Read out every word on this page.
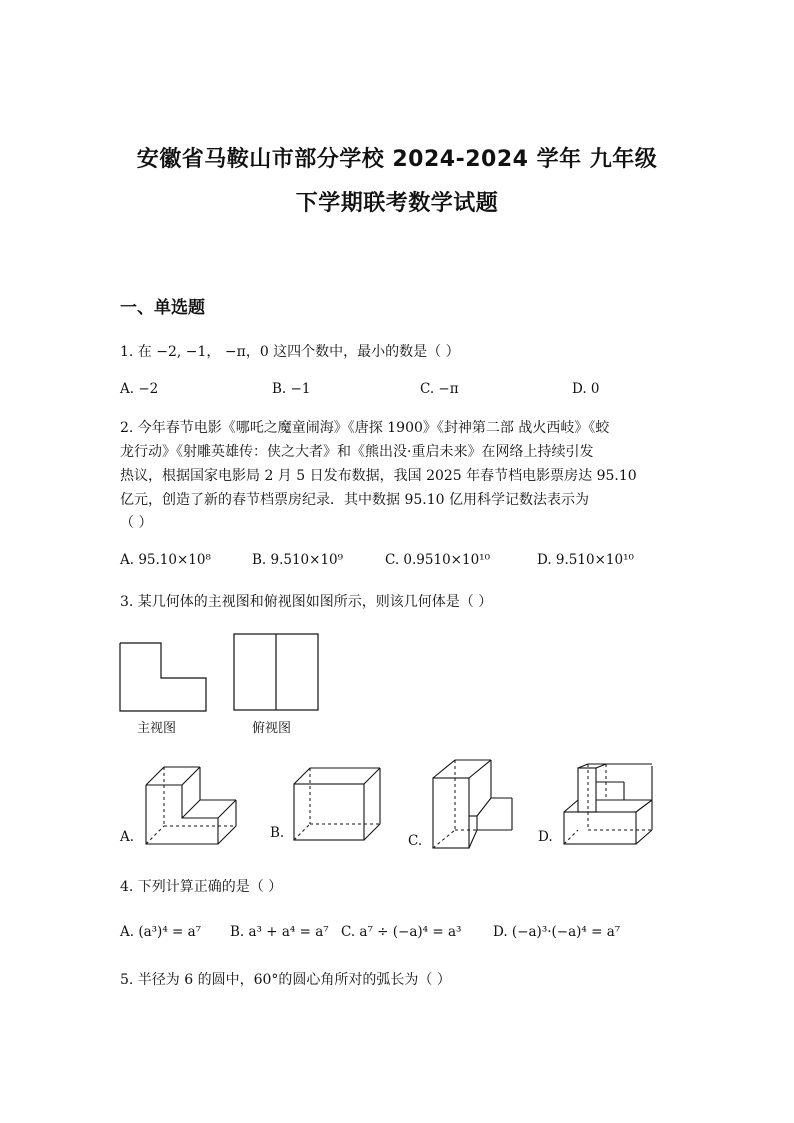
安徽省马鞍山市部分学校 2024-2024 学年 九年级
下学期联考数学试题
一、单选题
1. 在 −2, −1， −π，0 这四个数中，最小的数是（ ）
A. −2	B. −1	C. −π	D. 0
2. 今年春节电影《哪吒之魔童闹海》《唐探 1900》《封神第二部 战火西岐》《蛟
龙行动》《射雕英雄传：侠之大者》和《熊出没·重启未来》在网络上持续引发
热议，根据国家电影局 2 月 5 日发布数据，我国 2025 年春节档电影票房达 95.10
亿元，创造了新的春节档票房纪录．其中数据 95.10 亿用科学记数法表示为
（ ）
A. 95.10×10⁸	B. 9.510×10⁹	C. 0.9510×10¹⁰	D. 9.510×10¹⁰
3. 某几何体的主视图和俯视图如图所示，则该几何体是（ ）
主视图	俯视图
A.	B.	C.	D.
4. 下列计算正确的是（ ）
A. (a³)⁴ = a⁷ B. a³ + a⁴ = a⁷ C. a⁷ ÷ (−a)⁴ = a³ D. (−a)³·(−a)⁴ = a⁷
5. 半径为 6 的圆中，60°的圆心角所对的弧长为（ ）
